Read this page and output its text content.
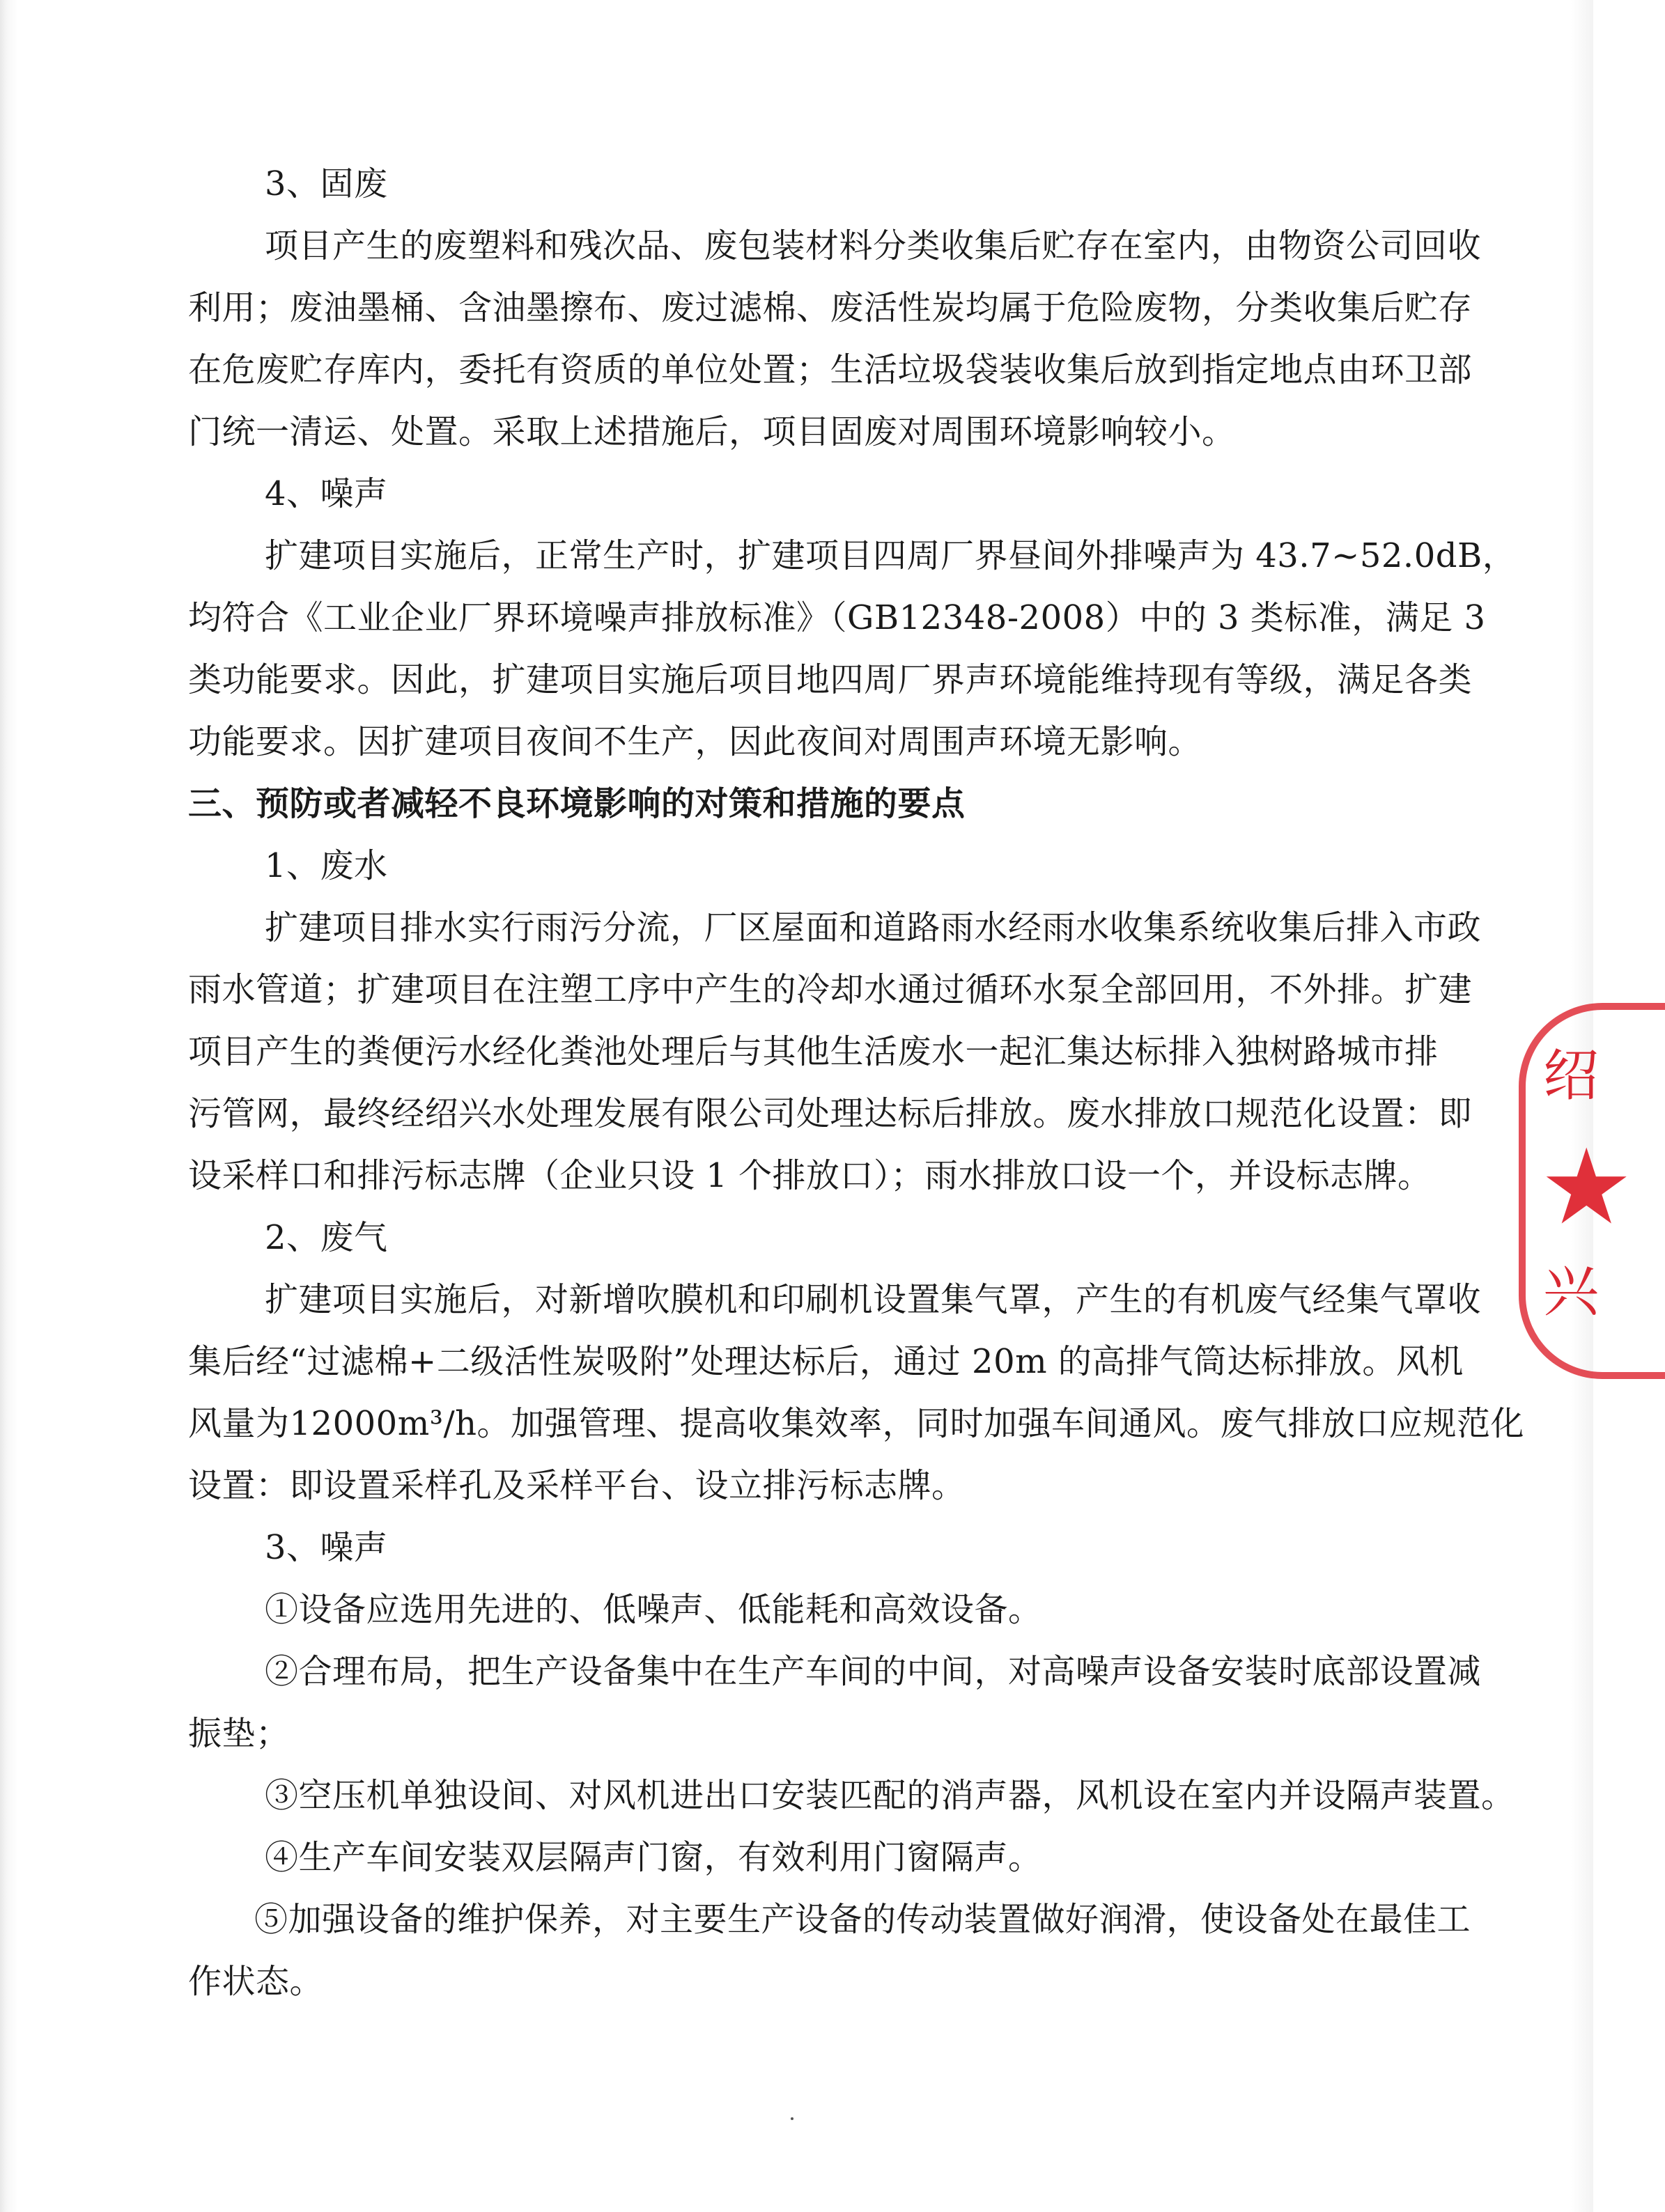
3、固废
项目产生的废塑料和残次品、废包装材料分类收集后贮存在室内，由物资公司回收
利用；废油墨桶、含油墨擦布、废过滤棉、废活性炭均属于危险废物，分类收集后贮存
在危废贮存库内，委托有资质的单位处置；生活垃圾袋装收集后放到指定地点由环卫部
门统一清运、处置。采取上述措施后，项目固废对周围环境影响较小。
4、噪声
扩建项目实施后，正常生产时，扩建项目四周厂界昼间外排噪声为 43.7~52.0dB，
均符合《工业企业厂界环境噪声排放标准》（GB12348-2008）中的 3 类标准，满足 3
类功能要求。因此，扩建项目实施后项目地四周厂界声环境能维持现有等级，满足各类
功能要求。因扩建项目夜间不生产，因此夜间对周围声环境无影响。
三、预防或者减轻不良环境影响的对策和措施的要点
1、废水
扩建项目排水实行雨污分流，厂区屋面和道路雨水经雨水收集系统收集后排入市政
雨水管道；扩建项目在注塑工序中产生的冷却水通过循环水泵全部回用，不外排。扩建
项目产生的粪便污水经化粪池处理后与其他生活废水一起汇集达标排入独树路城市排
污管网，最终经绍兴水处理发展有限公司处理达标后排放。废水排放口规范化设置：即
设采样口和排污标志牌（企业只设 1 个排放口）；雨水排放口设一个，并设标志牌。
2、废气
扩建项目实施后，对新增吹膜机和印刷机设置集气罩，产生的有机废气经集气罩收
集后经“过滤棉+二级活性炭吸附”处理达标后，通过 20m 的高排气筒达标排放。风机
风量为12000m³/h。加强管理、提高收集效率，同时加强车间通风。废气排放口应规范化
设置：即设置采样孔及采样平台、设立排污标志牌。
3、噪声
①设备应选用先进的、低噪声、低能耗和高效设备。
②合理布局，把生产设备集中在生产车间的中间，对高噪声设备安装时底部设置减
振垫；
③空压机单独设间、对风机进出口安装匹配的消声器，风机设在室内并设隔声装置。
④生产车间安装双层隔声门窗，有效利用门窗隔声。
⑤加强设备的维护保养，对主要生产设备的传动装置做好润滑，使设备处在最佳工
作状态。
绍
★
兴
